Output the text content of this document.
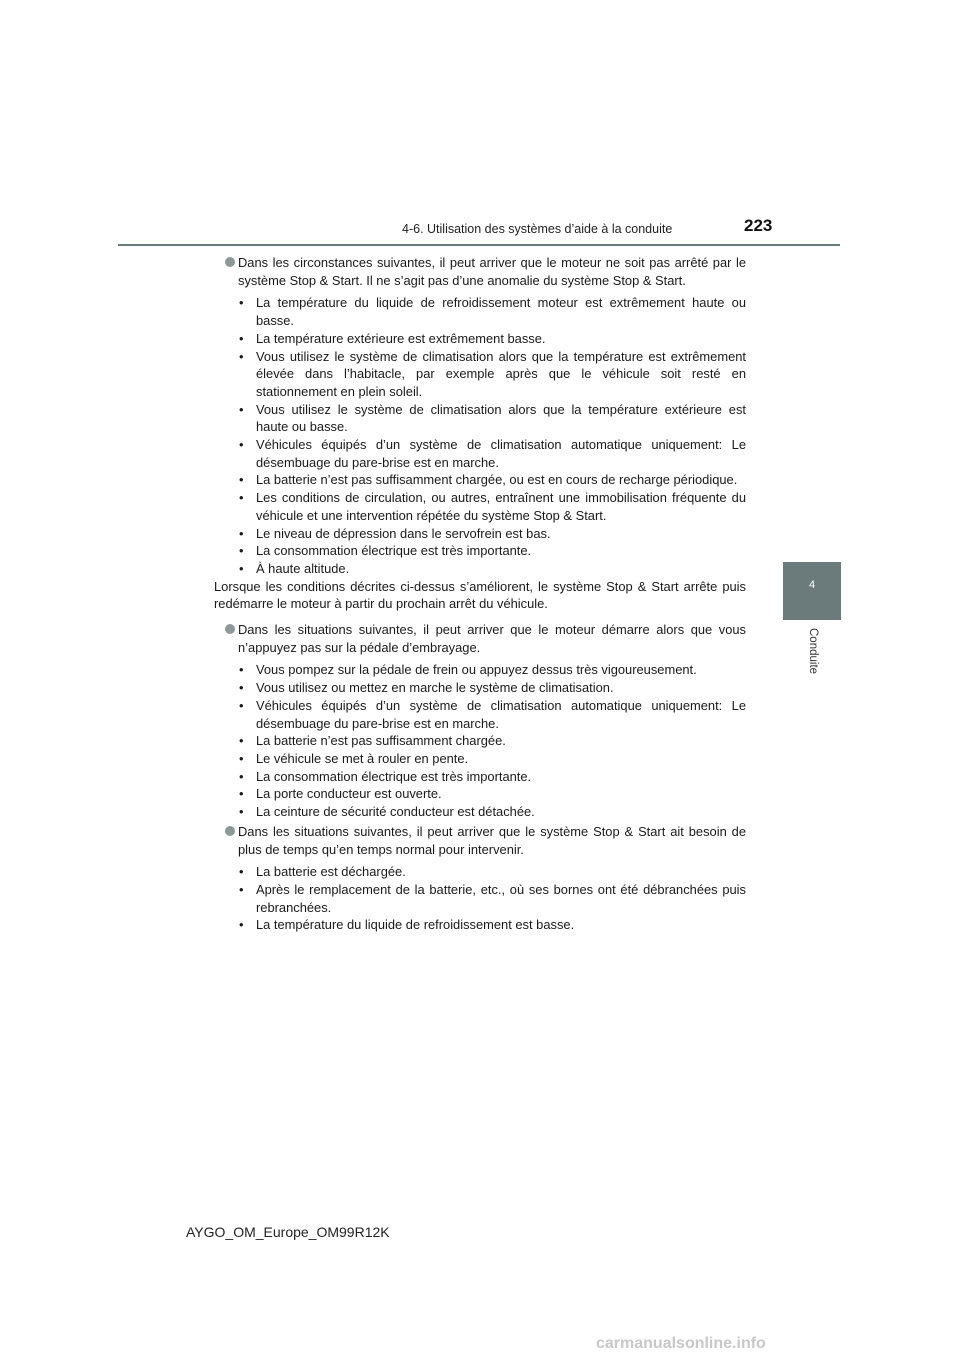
4-6. Utilisation des systèmes d’aide à la conduite	223
4
Conduite

Dans les circonstances suivantes, il peut arriver que le moteur ne soit pas arrêté par le système Stop & Start. Il ne s’agit pas d’une anomalie du système Stop & Start.

• La température du liquide de refroidissement moteur est extrêmement haute ou basse.
• La température extérieure est extrêmement basse.
• Vous utilisez le système de climatisation alors que la température est extrêmement élevée dans l’habitacle, par exemple après que le véhicule soit resté en stationnement en plein soleil.
• Vous utilisez le système de climatisation alors que la température extérieure est haute ou basse.
• Véhicules équipés d’un système de climatisation automatique uniquement: Le désembuage du pare-brise est en marche.
• La batterie n’est pas suffisamment chargée, ou est en cours de recharge périodique.
• Les conditions de circulation, ou autres, entraînent une immobilisation fréquente du véhicule et une intervention répétée du système Stop & Start.
• Le niveau de dépression dans le servofrein est bas.
• La consommation électrique est très importante.
• À haute altitude.

Lorsque les conditions décrites ci-dessus s’améliorent, le système Stop & Start arrête puis redémarre le moteur à partir du prochain arrêt du véhicule.

Dans les situations suivantes, il peut arriver que le moteur démarre alors que vous n’appuyez pas sur la pédale d’embrayage.

• Vous pompez sur la pédale de frein ou appuyez dessus très vigoureusement.
• Vous utilisez ou mettez en marche le système de climatisation.
• Véhicules équipés d’un système de climatisation automatique uniquement: Le désembuage du pare-brise est en marche.
• La batterie n’est pas suffisamment chargée.
• Le véhicule se met à rouler en pente.
• La consommation électrique est très importante.
• La porte conducteur est ouverte.
• La ceinture de sécurité conducteur est détachée.

Dans les situations suivantes, il peut arriver que le système Stop & Start ait besoin de plus de temps qu’en temps normal pour intervenir.

• La batterie est déchargée.
• Après le remplacement de la batterie, etc., où ses bornes ont été débranchées puis rebranchées.
• La température du liquide de refroidissement est basse.
AYGO_OM_Europe_OM99R12K
carmanualsonline.info
